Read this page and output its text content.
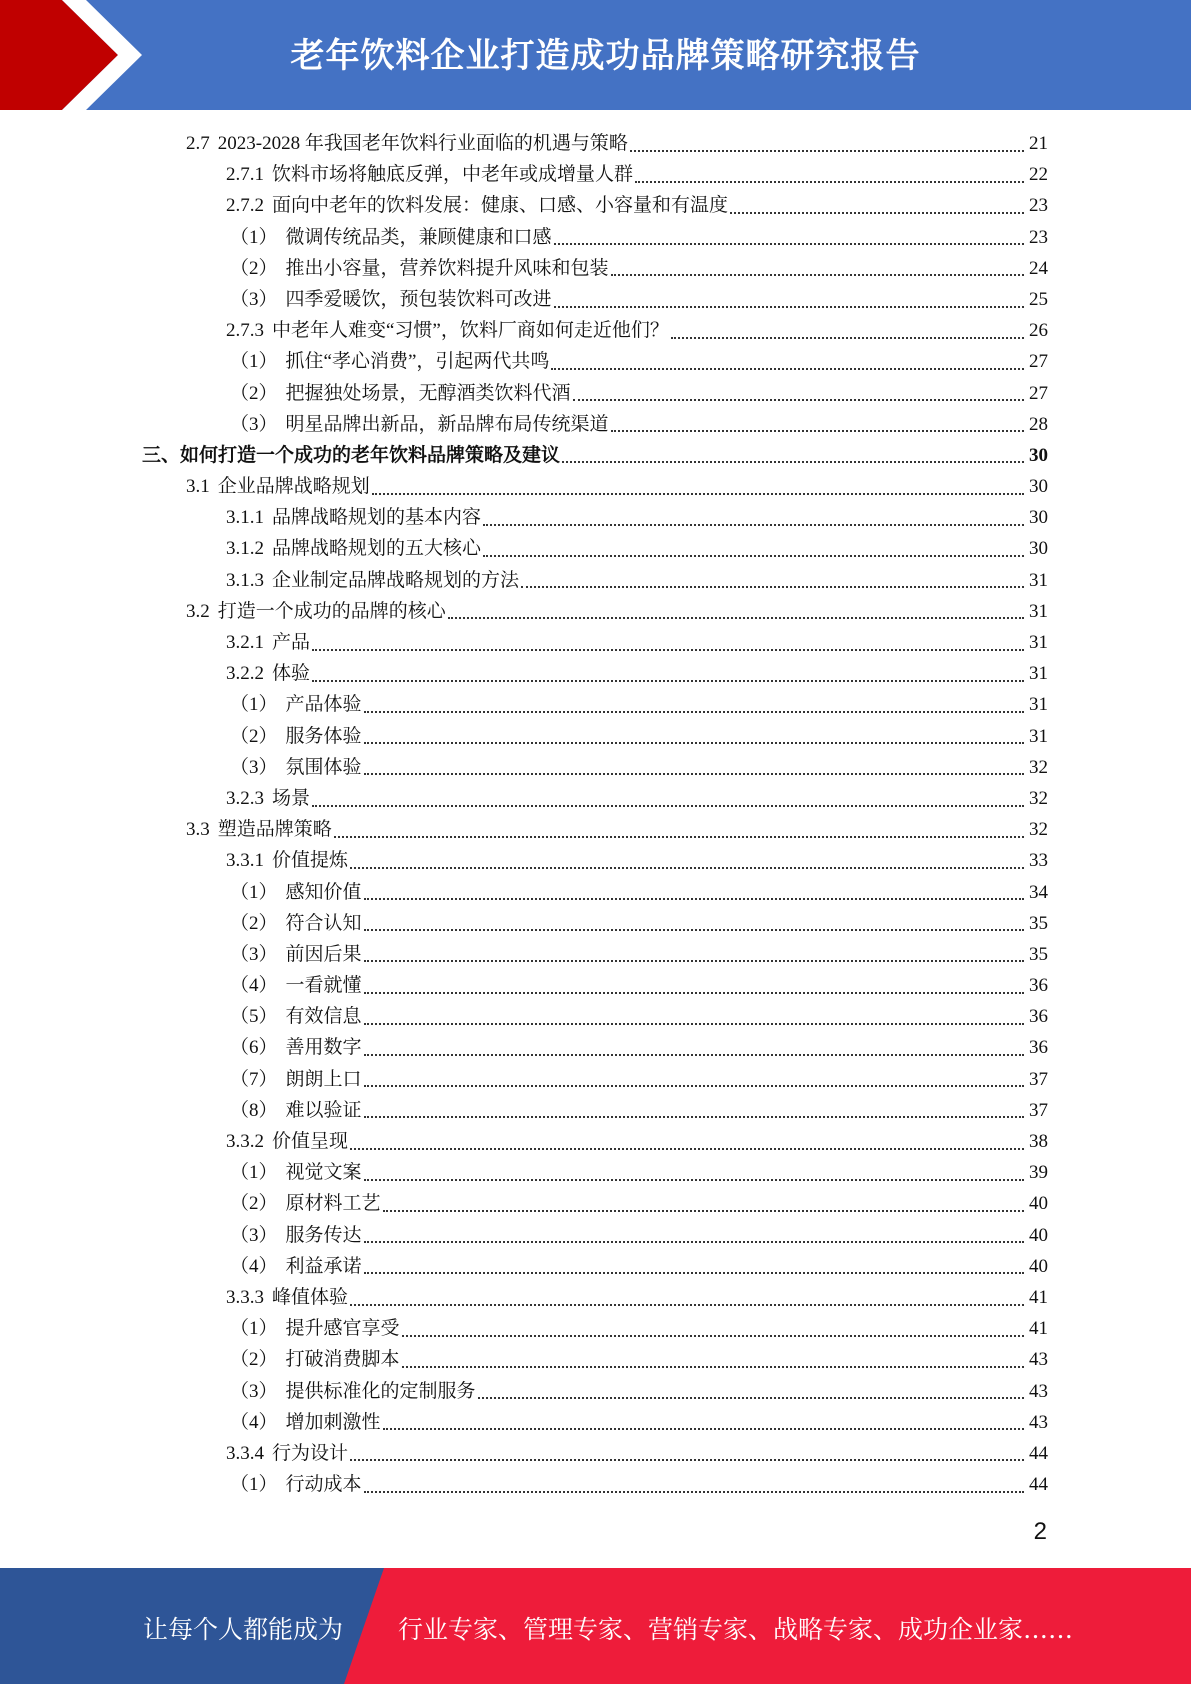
老年饮料企业打造成功品牌策略研究报告
2.7 2023-2028 年我国老年饮料行业面临的机遇与策略	21
2.7.1 饮料市场将触底反弹，中老年或成增量人群	22
2.7.2 面向中老年的饮料发展：健康、口感、小容量和有温度	23
（1） 微调传统品类，兼顾健康和口感	23
（2） 推出小容量，营养饮料提升风味和包装	24
（3） 四季爱暖饮，预包装饮料可改进	25
2.7.3 中老年人难变“习惯”，饮料厂商如何走近他们？	26
（1） 抓住“孝心消费”，引起两代共鸣	27
（2） 把握独处场景，无醇酒类饮料代酒	27
（3） 明星品牌出新品，新品牌布局传统渠道	28
三、如何打造一个成功的老年饮料品牌策略及建议	30
3.1 企业品牌战略规划	30
3.1.1 品牌战略规划的基本内容	30
3.1.2 品牌战略规划的五大核心	30
3.1.3 企业制定品牌战略规划的方法	31
3.2 打造一个成功的品牌的核心	31
3.2.1 产品	31
3.2.2 体验	31
（1） 产品体验	31
（2） 服务体验	31
（3） 氛围体验	32
3.2.3 场景	32
3.3 塑造品牌策略	32
3.3.1 价值提炼	33
（1） 感知价值	34
（2） 符合认知	35
（3） 前因后果	35
（4） 一看就懂	36
（5） 有效信息	36
（6） 善用数字	36
（7） 朗朗上口	37
（8） 难以验证	37
3.3.2 价值呈现	38
（1） 视觉文案	39
（2） 原材料工艺	40
（3） 服务传达	40
（4） 利益承诺	40
3.3.3 峰值体验	41
（1） 提升感官享受	41
（2） 打破消费脚本	43
（3） 提供标准化的定制服务	43
（4） 增加刺激性	43
3.3.4 行为设计	44
（1） 行动成本	44
2
让每个人都能成为 行业专家、管理专家、营销专家、战略专家、成功企业家……
